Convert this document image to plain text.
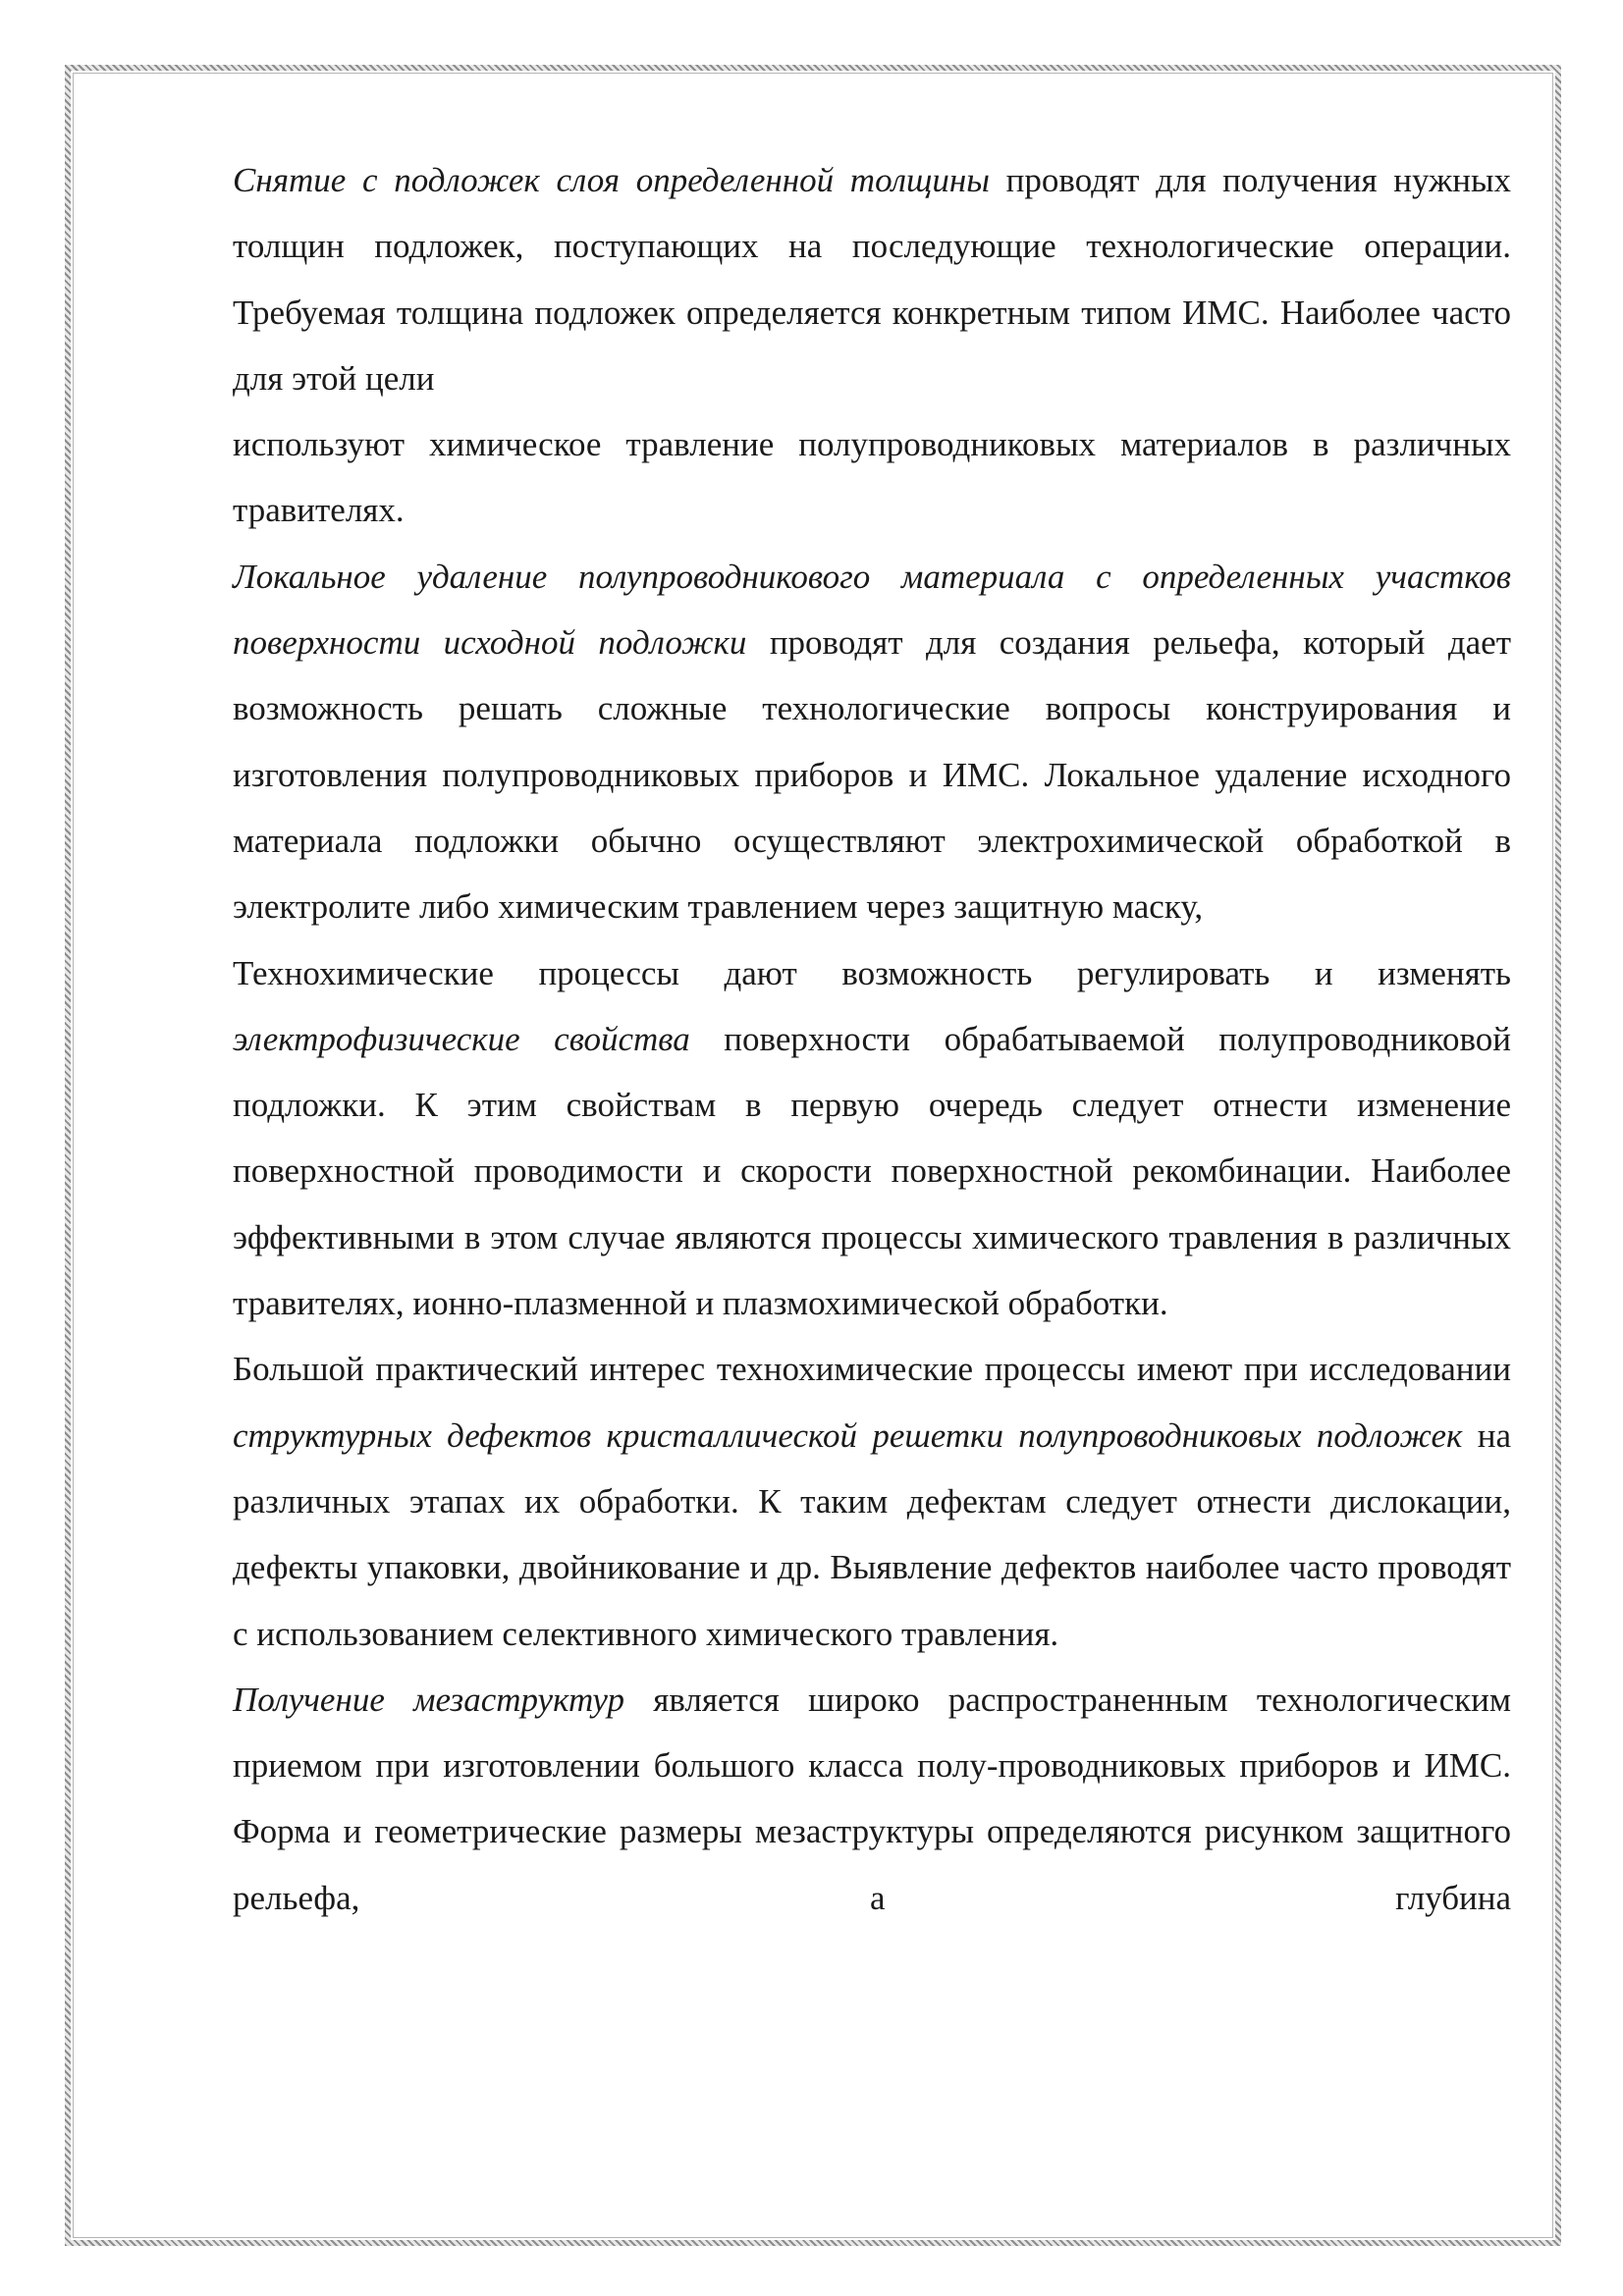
Снятие с подложек слоя определенной толщины проводят для получения нужных толщин подложек, поступающих на последующие технологические операции. Требуемая толщина подложек определяется конкретным типом ИМС. Наиболее часто для этой цели

используют химическое травление полупроводниковых материалов в различных травителях.

Локальное удаление полупроводникового материала с определенных участков поверхности исходной подложки проводят для создания рельефа, который дает возможность решать сложные технологические вопросы конструирования и изготовления полупроводниковых приборов и ИМС. Локальное удаление исходного материала подложки обычно осуществляют электрохимической обработкой в электролите либо химическим травлением через защитную маску,

Технохимические процессы дают возможность регулировать и изменять электрофизические свойства поверхности обрабатываемой полупроводниковой подложки. К этим свойствам в первую очередь следует отнести изменение поверхностной проводимости и скорости поверхностной рекомбинации. Наиболее эффективными в этом случае являются процессы химического травления в различных травителях, ионно-плазменной и плазмохимической обработки.

Большой практический интерес технохимические процессы имеют при исследовании структурных дефектов кристаллической решетки полупроводниковых подложек на различных этапах их обработки. К таким дефектам следует отнести дислокации, дефекты упаковки, двойникование и др. Выявление дефектов наиболее часто проводят с использованием селективного химического травления.

Получение мезаструктур является широко распространенным технологическим приемом при изготовлении большого класса полу-проводниковых приборов и ИМС. Форма и геометрические размеры мезаструктуры определяются рисунком защитного рельефа, а глубина
